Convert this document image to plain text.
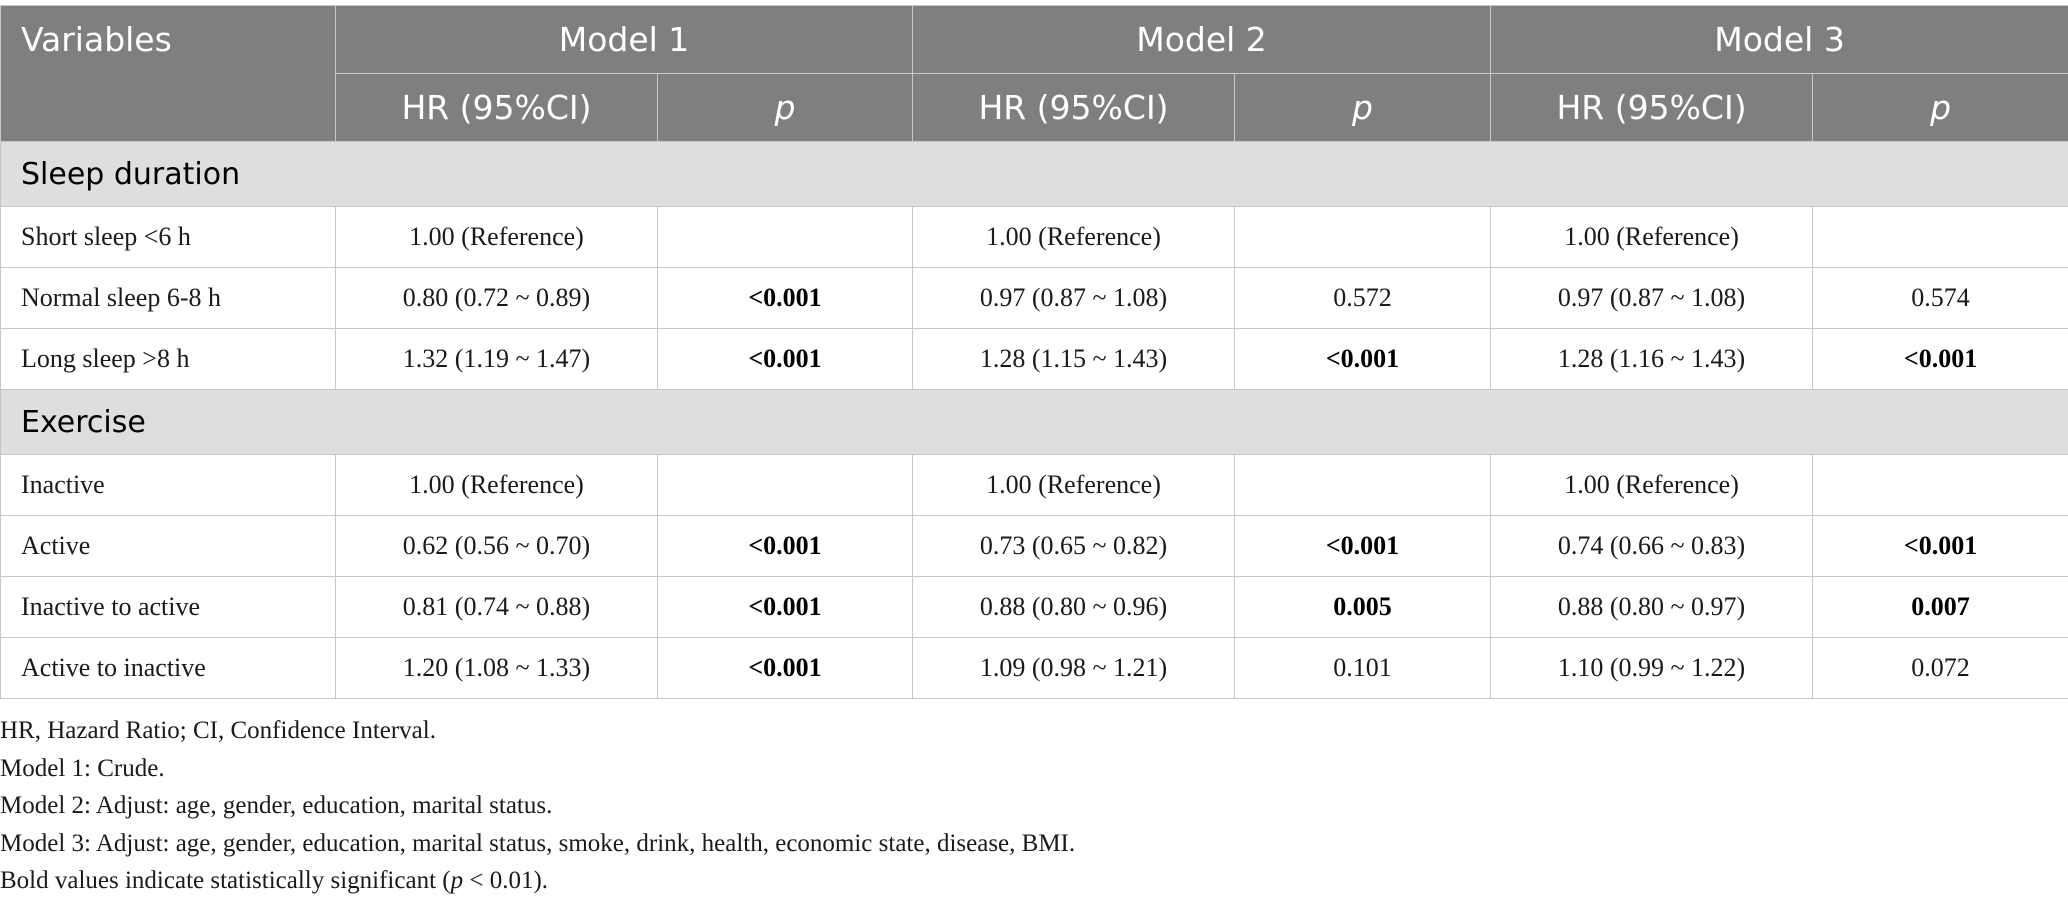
Variables	Model 1		Model 2		Model 3	
	HR (95%CI)	p	HR (95%CI)	p	HR (95%CI)	p
Sleep duration						
Short sleep <6 h	1.00 (Reference)		1.00 (Reference)		1.00 (Reference)	
Normal sleep 6-8 h	0.80 (0.72 ~ 0.89)	<0.001	0.97 (0.87 ~ 1.08)	0.572	0.97 (0.87 ~ 1.08)	0.574
Long sleep >8 h	1.32 (1.19 ~ 1.47)	<0.001	1.28 (1.15 ~ 1.43)	<0.001	1.28 (1.16 ~ 1.43)	<0.001
Exercise						
Inactive	1.00 (Reference)		1.00 (Reference)		1.00 (Reference)	
Active	0.62 (0.56 ~ 0.70)	<0.001	0.73 (0.65 ~ 0.82)	<0.001	0.74 (0.66 ~ 0.83)	<0.001
Inactive to active	0.81 (0.74 ~ 0.88)	<0.001	0.88 (0.80 ~ 0.96)	0.005	0.88 (0.80 ~ 0.97)	0.007
Active to inactive	1.20 (1.08 ~ 1.33)	<0.001	1.09 (0.98 ~ 1.21)	0.101	1.10 (0.99 ~ 1.22)	0.072
HR, Hazard Ratio; CI, Confidence Interval.
Model 1: Crude.
Model 2: Adjust: age, gender, education, marital status.
Model 3: Adjust: age, gender, education, marital status, smoke, drink, health, economic state, disease, BMI.
Bold values indicate statistically significant (p < 0.01).
